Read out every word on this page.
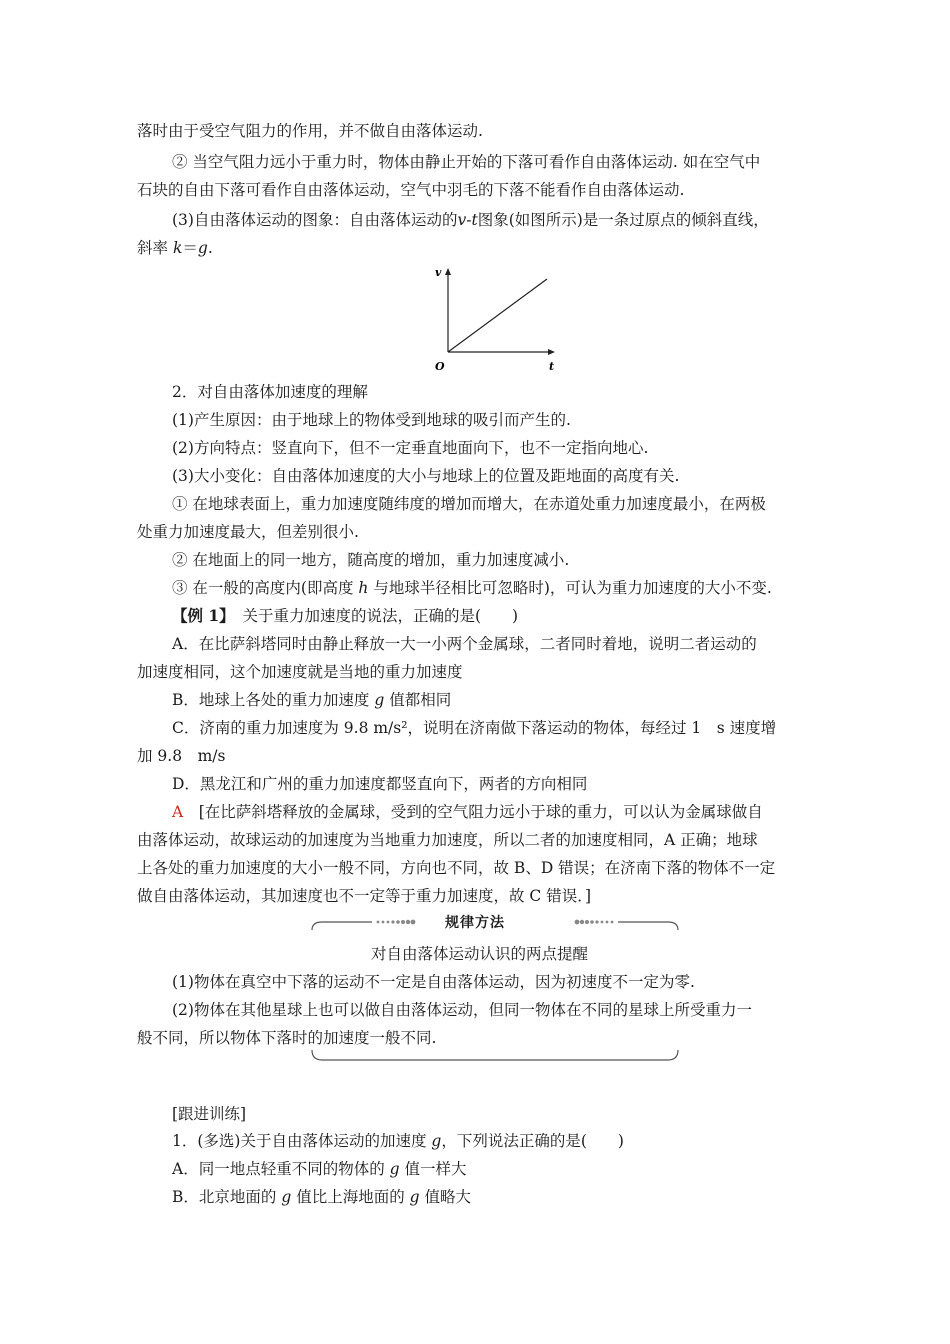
落时由于受空气阻力的作用，并不做自由落体运动.
② 当空气阻力远小于重力时，物体由静止开始的下落可看作自由落体运动. 如在空气中
石块的自由下落可看作自由落体运动，空气中羽毛的下落不能看作自由落体运动.
(3)自由落体运动的图象：自由落体运动的v-t图象(如图所示)是一条过原点的倾斜直线，
斜率 k＝g.
v
O	t
2．对自由落体加速度的理解
(1)产生原因：由于地球上的物体受到地球的吸引而产生的.
(2)方向特点：竖直向下，但不一定垂直地面向下，也不一定指向地心.
(3)大小变化：自由落体加速度的大小与地球上的位置及距地面的高度有关.
① 在地球表面上，重力加速度随纬度的增加而增大，在赤道处重力加速度最小，在两极
处重力加速度最大，但差别很小.
② 在地面上的同一地方，随高度的增加，重力加速度减小.
③ 在一般的高度内(即高度 h 与地球半径相比可忽略时)，可认为重力加速度的大小不变.
【例 1】　关于重力加速度的说法，正确的是(　　)
A．在比萨斜塔同时由静止释放一大一小两个金属球，二者同时着地，说明二者运动的
加速度相同，这个加速度就是当地的重力加速度
B．地球上各处的重力加速度 g 值都相同
C．济南的重力加速度为 9.8 m/s²，说明在济南做下落运动的物体，每经过 1　s 速度增
加 9.8　m/s
D．黑龙江和广州的重力加速度都竖直向下，两者的方向相同
A　[在比萨斜塔释放的金属球，受到的空气阻力远小于球的重力，可以认为金属球做自
由落体运动，故球运动的加速度为当地重力加速度，所以二者的加速度相同，A 正确；地球
上各处的重力加速度的大小一般不同，方向也不同，故 B、D 错误；在济南下落的物体不一定
做自由落体运动，其加速度也不一定等于重力加速度，故 C 错误．]
规律方法
对自由落体运动认识的两点提醒
(1)物体在真空中下落的运动不一定是自由落体运动，因为初速度不一定为零.
(2)物体在其他星球上也可以做自由落体运动，但同一物体在不同的星球上所受重力一
般不同，所以物体下落时的加速度一般不同.
[跟进训练]
1．(多选)关于自由落体运动的加速度 g，下列说法正确的是(　　)
A．同一地点轻重不同的物体的 g 值一样大
B．北京地面的 g 值比上海地面的 g 值略大
